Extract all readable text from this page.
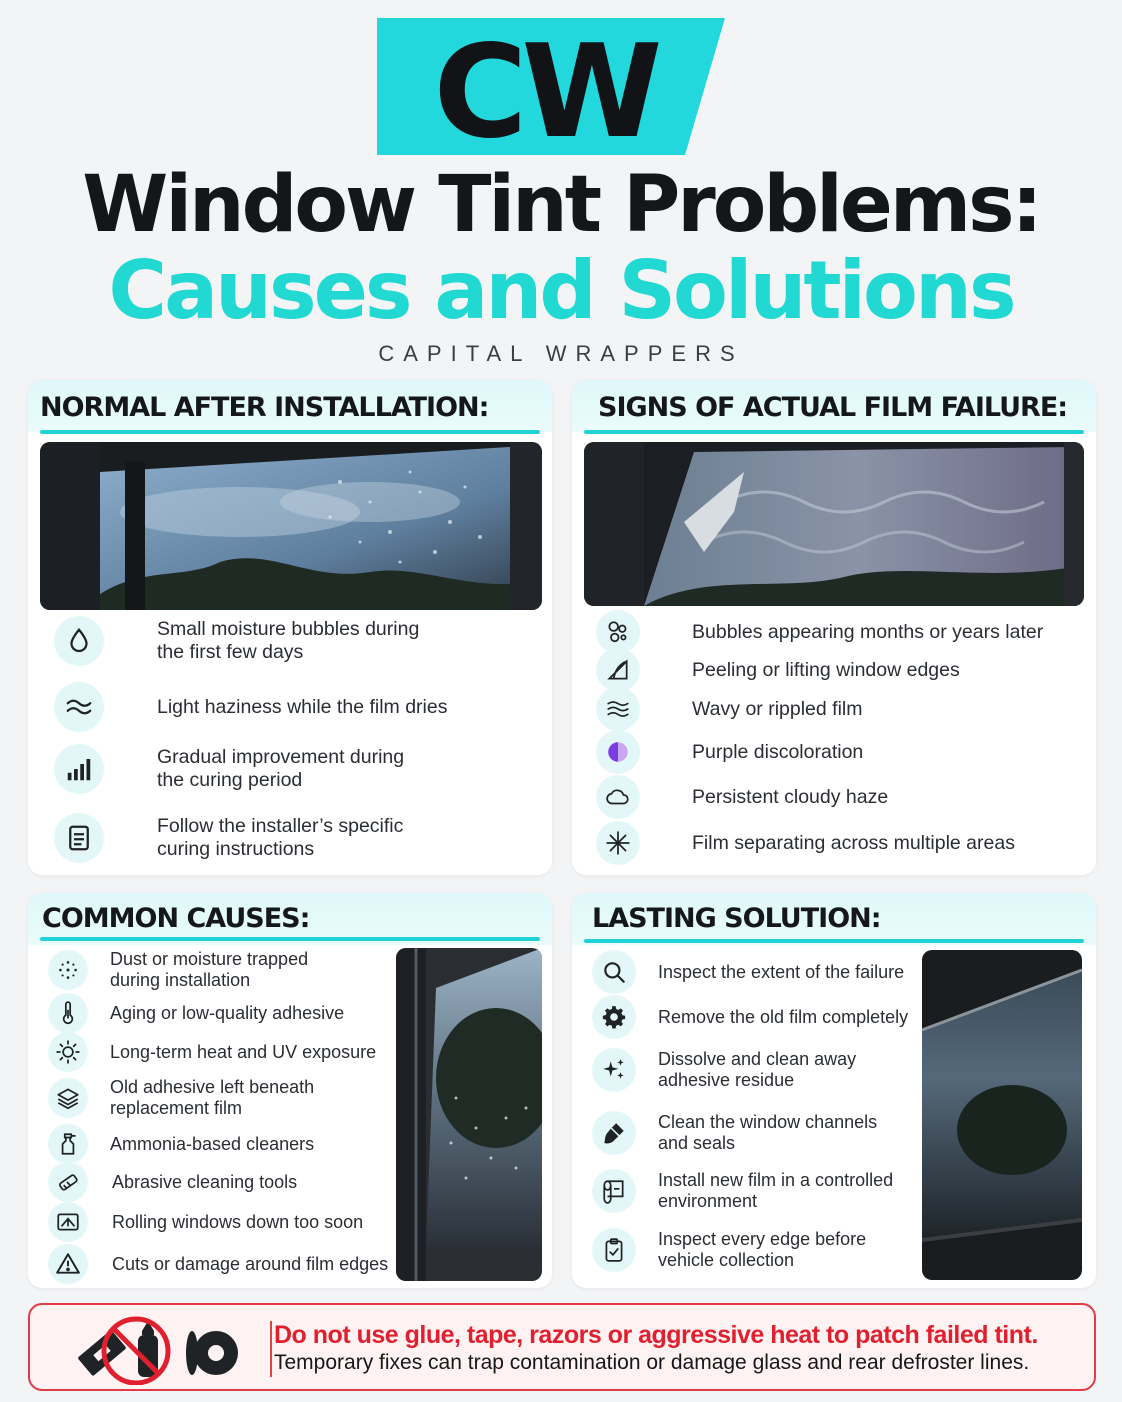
CW
Window Tint Problems:
Causes and Solutions
CAPITAL WRAPPERS
NORMAL AFTER INSTALLATION:
Small moisture bubbles during
the first few days
Light haziness while the film dries
Gradual improvement during
the curing period
Follow the installer’s specific
curing instructions
SIGNS OF ACTUAL FILM FAILURE:
Bubbles appearing months or years later
Peeling or lifting window edges
Wavy or rippled film
Purple discoloration
Persistent cloudy haze
Film separating across multiple areas
COMMON CAUSES:
Dust or moisture trapped
during installation
Aging or low-quality adhesive
Long-term heat and UV exposure
Old adhesive left beneath
replacement film
Ammonia-based cleaners
Abrasive cleaning tools
Rolling windows down too soon
Cuts or damage around film edges
LASTING SOLUTION:
Inspect the extent of the failure
Remove the old film completely
Dissolve and clean away
adhesive residue
Clean the window channels
and seals
Install new film in a controlled
environment
Inspect every edge before
vehicle collection
Do not use glue, tape, razors or aggressive heat to patch failed tint.
Temporary fixes can trap contamination or damage glass and rear defroster lines.
